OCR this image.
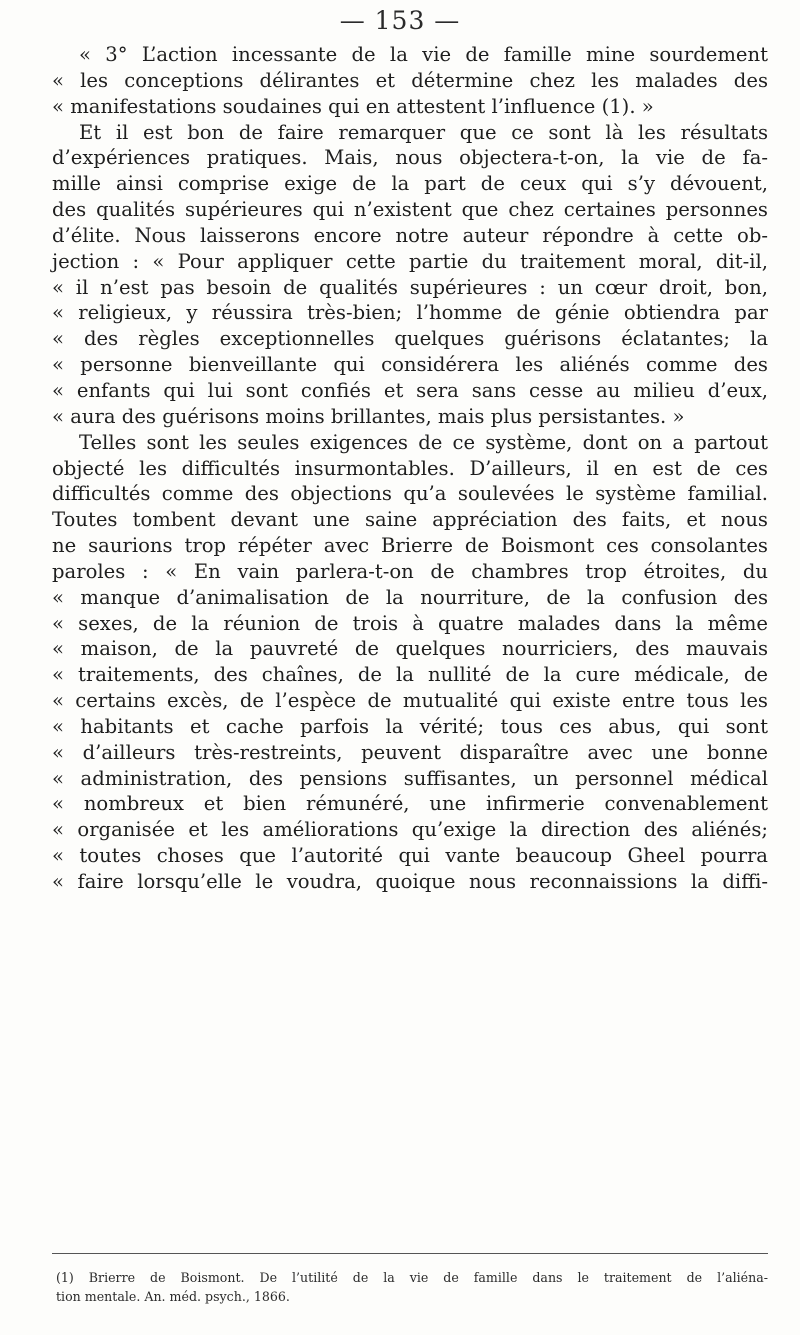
— 153 —
« 3° L’action incessante de la vie de famille mine sourdement
« les conceptions délirantes et détermine chez les malades des
« manifestations soudaines qui en attestent l’influence (1). »
Et il est bon de faire remarquer que ce sont là les résultats
d’expériences pratiques. Mais, nous objectera-t-on, la vie de fa-
mille ainsi comprise exige de la part de ceux qui s’y dévouent,
des qualités supérieures qui n’existent que chez certaines personnes
d’élite. Nous laisserons encore notre auteur répondre à cette ob-
jection : « Pour appliquer cette partie du traitement moral, dit-il,
« il n’est pas besoin de qualités supérieures : un cœur droit, bon,
« religieux, y réussira très-bien; l’homme de génie obtiendra par
« des règles exceptionnelles quelques guérisons éclatantes; la
« personne bienveillante qui considérera les aliénés comme des
« enfants qui lui sont confiés et sera sans cesse au milieu d’eux,
« aura des guérisons moins brillantes, mais plus persistantes. »
Telles sont les seules exigences de ce système, dont on a partout
objecté les difficultés insurmontables. D’ailleurs, il en est de ces
difficultés comme des objections qu’a soulevées le système familial.
Toutes tombent devant une saine appréciation des faits, et nous
ne saurions trop répéter avec Brierre de Boismont ces consolantes
paroles : « En vain parlera-t-on de chambres trop étroites, du
« manque d’animalisation de la nourriture, de la confusion des
« sexes, de la réunion de trois à quatre malades dans la même
« maison, de la pauvreté de quelques nourriciers, des mauvais
« traitements, des chaînes, de la nullité de la cure médicale, de
« certains excès, de l’espèce de mutualité qui existe entre tous les
« habitants et cache parfois la vérité; tous ces abus, qui sont
« d’ailleurs très-restreints, peuvent disparaître avec une bonne
« administration, des pensions suffisantes, un personnel médical
« nombreux et bien rémunéré, une infirmerie convenablement
« organisée et les améliorations qu’exige la direction des aliénés;
« toutes choses que l’autorité qui vante beaucoup Gheel pourra
« faire lorsqu’elle le voudra, quoique nous reconnaissions la diffi-
(1) Brierre de Boismont. De l’utilité de la vie de famille dans le traitement de l’aliéna-
tion mentale. An. méd. psych., 1866.
